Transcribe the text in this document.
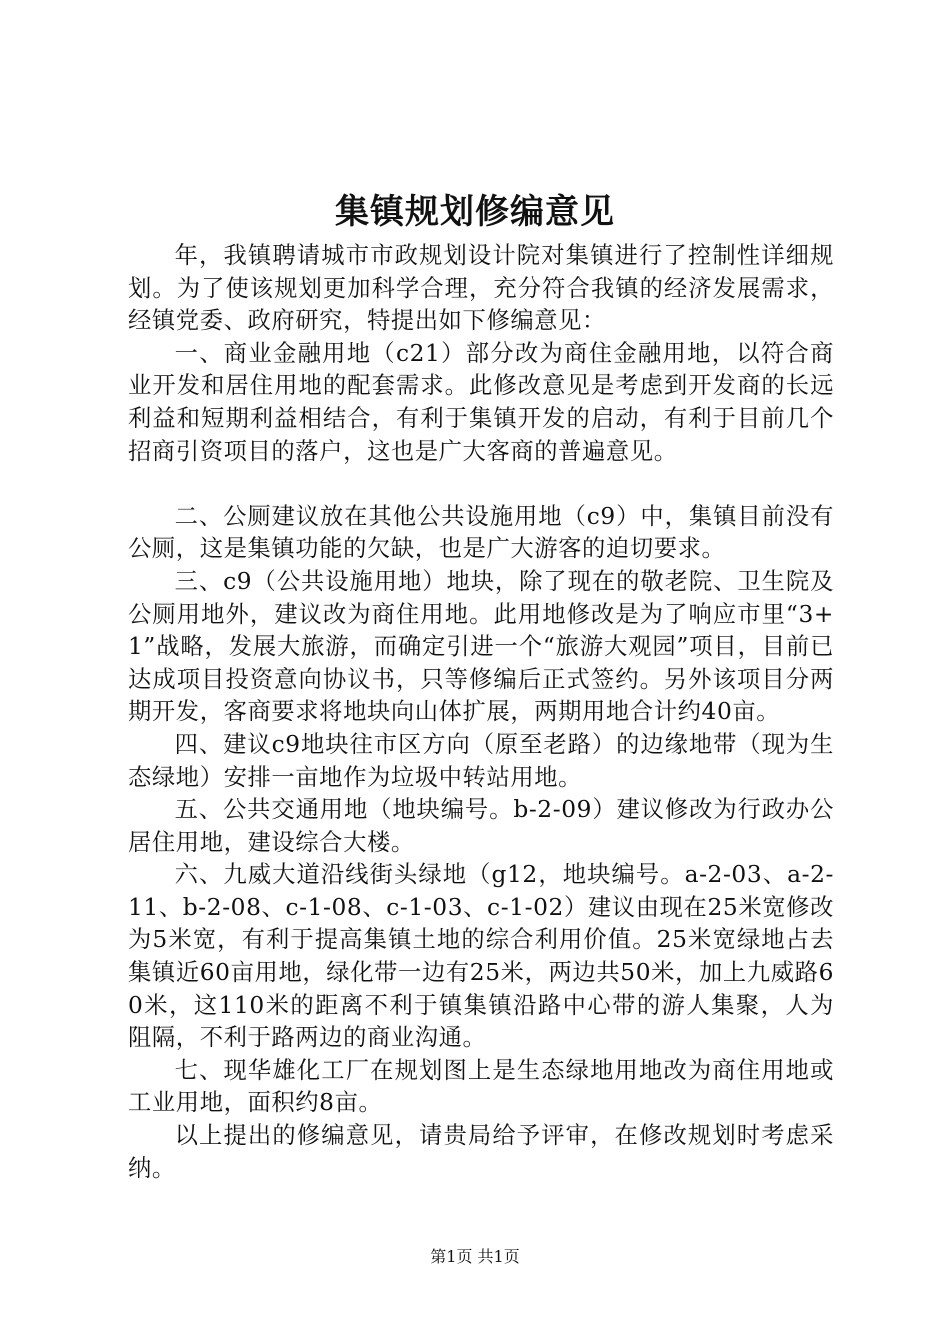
集镇规划修编意见

年，我镇聘请城市市政规划设计院对集镇进行了控制性详细规划。为了使该规划更加科学合理，充分符合我镇的经济发展需求，经镇党委、政府研究，特提出如下修编意见：

一、商业金融用地（c21）部分改为商住金融用地，以符合商业开发和居住用地的配套需求。此修改意见是考虑到开发商的长远利益和短期利益相结合，有利于集镇开发的启动，有利于目前几个招商引资项目的落户，这也是广大客商的普遍意见。

二、公厕建议放在其他公共设施用地（c9）中，集镇目前没有公厕，这是集镇功能的欠缺，也是广大游客的迫切要求。

三、c9（公共设施用地）地块，除了现在的敬老院、卫生院及公厕用地外，建议改为商住用地。此用地修改是为了响应市里“3+1”战略，发展大旅游，而确定引进一个“旅游大观园”项目，目前已达成项目投资意向协议书，只等修编后正式签约。另外该项目分两期开发，客商要求将地块向山体扩展，两期用地合计约40亩。

四、建议c9地块往市区方向（原至老路）的边缘地带（现为生态绿地）安排一亩地作为垃圾中转站用地。

五、公共交通用地（地块编号。b-2-09）建议修改为行政办公居住用地，建设综合大楼。

六、九威大道沿线街头绿地（g12，地块编号。a-2-03、a-2-11、b-2-08、c-1-08、c-1-03、c-1-02）建议由现在25米宽修改为5米宽，有利于提高集镇土地的综合利用价值。25米宽绿地占去集镇近60亩用地，绿化带一边有25米，两边共50米，加上九威路60米，这110米的距离不利于镇集镇沿路中心带的游人集聚，人为阻隔，不利于路两边的商业沟通。

七、现华雄化工厂在规划图上是生态绿地用地改为商住用地或工业用地，面积约8亩。

以上提出的修编意见，请贵局给予评审，在修改规划时考虑采纳。

第1页 共1页
